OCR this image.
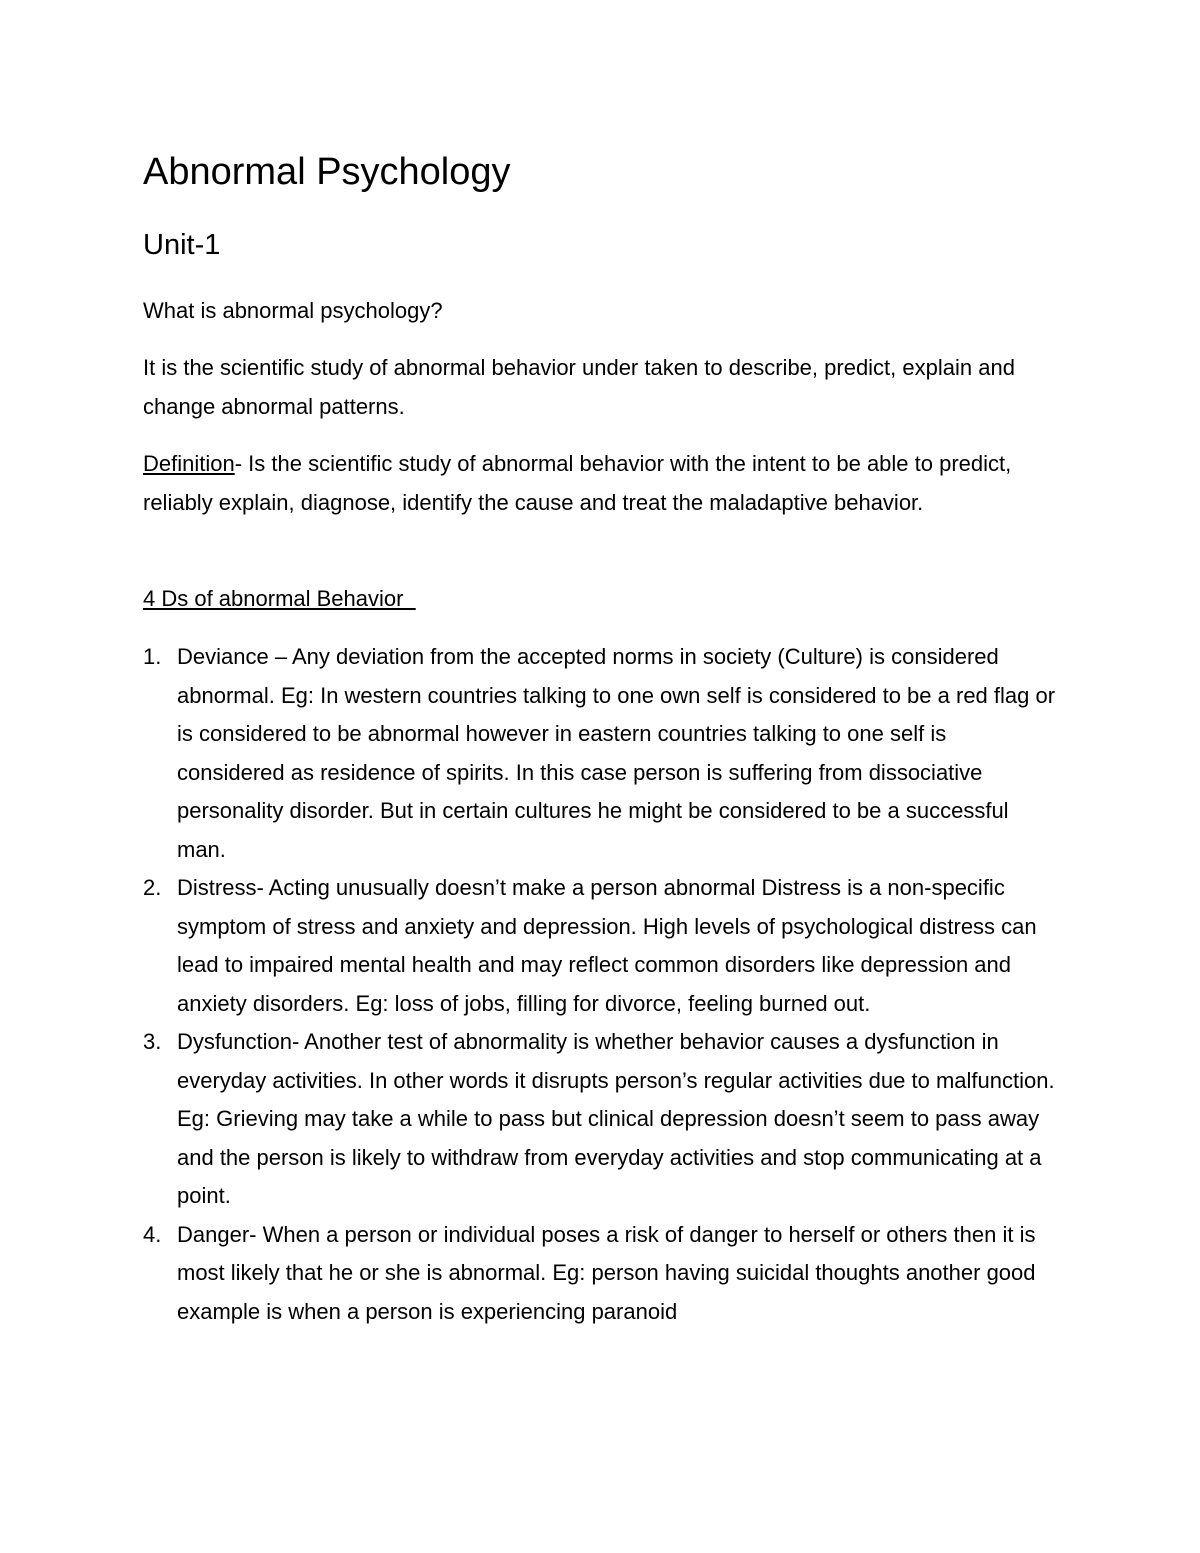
Abnormal Psychology
Unit-1
What is abnormal psychology?

It is the scientific study of abnormal behavior under taken to describe, predict, explain and change abnormal patterns.

Definition- Is the scientific study of abnormal behavior with the intent to be able to predict, reliably explain, diagnose, identify the cause and treat the maladaptive behavior.

4 Ds of abnormal Behavior
1. Deviance – Any deviation from the accepted norms in society (Culture) is considered abnormal. Eg: In western countries talking to one own self is considered to be a red flag or is considered to be abnormal however in eastern countries talking to one self is considered as residence of spirits. In this case person is suffering from dissociative personality disorder. But in certain cultures he might be considered to be a successful man.
2. Distress- Acting unusually doesn’t make a person abnormal Distress is a non-specific symptom of stress and anxiety and depression. High levels of psychological distress can lead to impaired mental health and may reflect common disorders like depression and anxiety disorders. Eg: loss of jobs, filling for divorce, feeling burned out.
3. Dysfunction- Another test of abnormality is whether behavior causes a dysfunction in everyday activities. In other words it disrupts person’s regular activities due to malfunction. Eg: Grieving may take a while to pass but clinical depression doesn’t seem to pass away and the person is likely to withdraw from everyday activities and stop communicating at a point.
4. Danger- When a person or individual poses a risk of danger to herself or others then it is most likely that he or she is abnormal. Eg: person having suicidal thoughts another good example is when a person is experiencing paranoid
